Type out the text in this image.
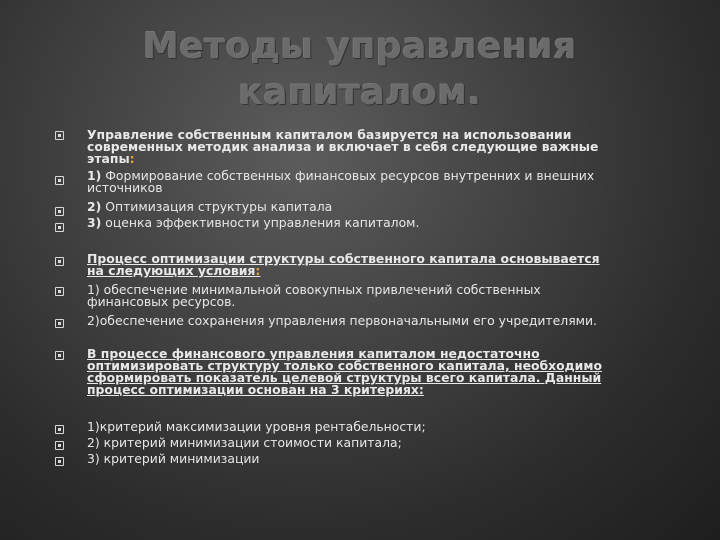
Методы управления
капиталом.
Управление собственным капиталом базируется на использовании
современных методик анализа и включает в себя следующие важные
этапы:
1) Формирование собственных финансовых ресурсов внутренних и внешних
источников
2) Оптимизация структуры капитала
3) оценка эффективности управления капиталом.
Процесс оптимизации структуры собственного капитала основывается
на следующих условия:
1) обеспечение минимальной совокупных привлечений собственных
финансовых ресурсов.
2)обеспечение сохранения управления первоначальными его учредителями.
В процессе финансового управления капиталом недостаточно
оптимизировать структуру только собственного капитала, необходимо
сформировать показатель целевой структуры всего капитала. Данный
процесс оптимизации основан на 3 критериях:
1)критерий максимизации уровня рентабельности;
2) критерий минимизации стоимости капитала;
3) критерий минимизации
